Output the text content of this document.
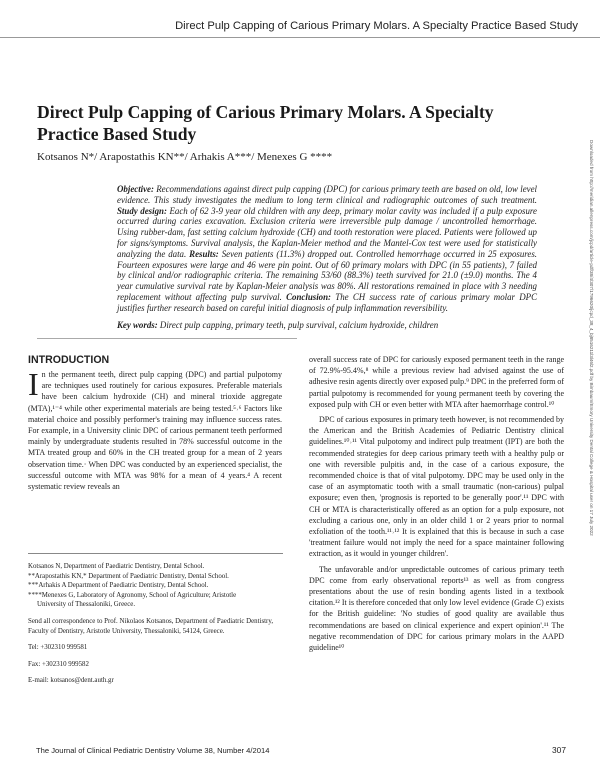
Direct Pulp Capping of Carious Primary Molars. A Specialty Practice Based Study
Downloaded from http://meridian.allenpress.com/jcpd/article-pdf/38/4/307/1796620/jcpd_38_4_bj8516211l3l46l2.pdf by Birnbaum/Emory University Dental College & Hospital user on 17 July 2022
Direct Pulp Capping of Carious Primary Molars. A Specialty Practice Based Study
Kotsanos N*/ Arapostathis KN**/ Arhakis A***/ Menexes G ****

Objective: Recommendations against direct pulp capping (DPC) for carious primary teeth are based on old, low level evidence. This study investigates the medium to long term clinical and radiographic outcomes of such treatment. Study design: Each of 62 3-9 year old children with any deep, primary molar cavity was included if a pulp exposure occurred during caries excavation. Exclusion criteria were irreversible pulp damage / uncontrolled hemorrhage. Using rubber-dam, fast setting calcium hydroxide (CH) and tooth restoration were placed. Patients were followed up for signs/symptoms. Survival analysis, the Kaplan-Meier method and the Mantel-Cox test were used for statistically analyzing the data. Results: Seven patients (11.3%) dropped out. Controlled hemorrhage occurred in 25 exposures. Fourteen exposures were large and 46 were pin point. Out of 60 primary molars with DPC (in 55 patients), 7 failed by clinical and/or radiographic criteria. The remaining 53/60 (88.3%) teeth survived for 21.0 (±9.0) months. The 4 year cumulative survival rate by Kaplan-Meier analysis was 80%. All restorations remained in place with 3 needing replacement without affecting pulp survival. Conclusion: The CH success rate of carious primary molar DPC justifies further research based on careful initial diagnosis of pulp inflammation reversibility.

Key words: Direct pulp capping, primary teeth, pulp survival, calcium hydroxide, children
INTRODUCTION

In the permanent teeth, direct pulp capping (DPC) and partial pulpotomy are techniques used routinely for carious exposures. Preferable materials have been calcium hydroxide (CH) and mineral trioxide aggregate (MTA),¹⁻⁴ while other experimental materials are being tested.⁵˒⁶ Factors like material choice and possibly performer's training may influence success rates. For example, in a University clinic DPC of carious permanent teeth performed mainly by undergraduate students resulted in 78% successful outcome in the MTA treated group and 60% in the CH treated group for a mean of 2 years observation time.· When DPC was conducted by an experienced specialist, the successful outcome with MTA was 98% for a mean of 4 years.⁴ A recent systematic review reveals an

Kotsanos N, Department of Paediatric Dentistry, Dental School.
**Arapostathis KN,* Department of Paediatric Dentistry, Dental School.
***Arhakis A Department of Paediatric Dentistry, Dental School.
****Menexes G, Laboratory of Agronomy, School of Agriculture; Aristotle
University of Thessaloniki, Greece.
Send all correspondence to Prof. Nikolaos Kotsanos, Department of Paediatric Dentistry, Faculty of Dentistry, Aristotle University, Thessaloniki, 54124, Greece.
Tel: +302310 999581
Fax: +302310 999582
E-mail: kotsanos@dent.auth.gr

overall success rate of DPC for cariously exposed permanent teeth in the range of 72.9%-95.4%,⁸ while a previous review had advised against the use of adhesive resin agents directly over exposed pulp.⁹ DPC in the preferred form of partial pulpotomy is recommended for young permanent teeth by covering the exposed pulp with CH or even better with MTA after haemorrhage control.¹⁰

DPC of carious exposures in primary teeth however, is not recommended by the American and the British Academies of Pediatric Dentistry clinical guidelines.¹⁰˒¹¹ Vital pulpotomy and indirect pulp treatment (IPT) are both the recommended strategies for deep carious primary teeth with a healthy pulp or one with reversible pulpitis and, in the case of a carious exposure, the recommended choice is that of vital pulpotomy. DPC may be used only in the case of an asymptomatic tooth with a small traumatic (non-carious) pulpal exposure; even then, 'prognosis is reported to be generally poor'.¹¹ DPC with CH or MTA is characteristically offered as an option for a pulp exposure, not excluding a carious one, only in an older child 1 or 2 years prior to normal exfoliation of the tooth.¹¹˒¹² It is explained that this is because in such a case 'treatment failure would not imply the need for a space maintainer following extraction, as it would in younger children'.

The unfavorable and/or unpredictable outcomes of carious primary teeth DPC come from early observational reports¹³ as well as from congress presentations about the use of resin bonding agents listed in a textbook citation.¹² It is therefore conceded that only low level evidence (Grade C) exists for the British guideline: 'No studies of good quality are available thus recommendations are based on clinical experience and expert opinion'.¹¹ The negative recommendation of DPC for carious primary molars in the AAPD guideline¹⁰

The Journal of Clinical Pediatric Dentistry Volume 38, Number 4/2014	307
